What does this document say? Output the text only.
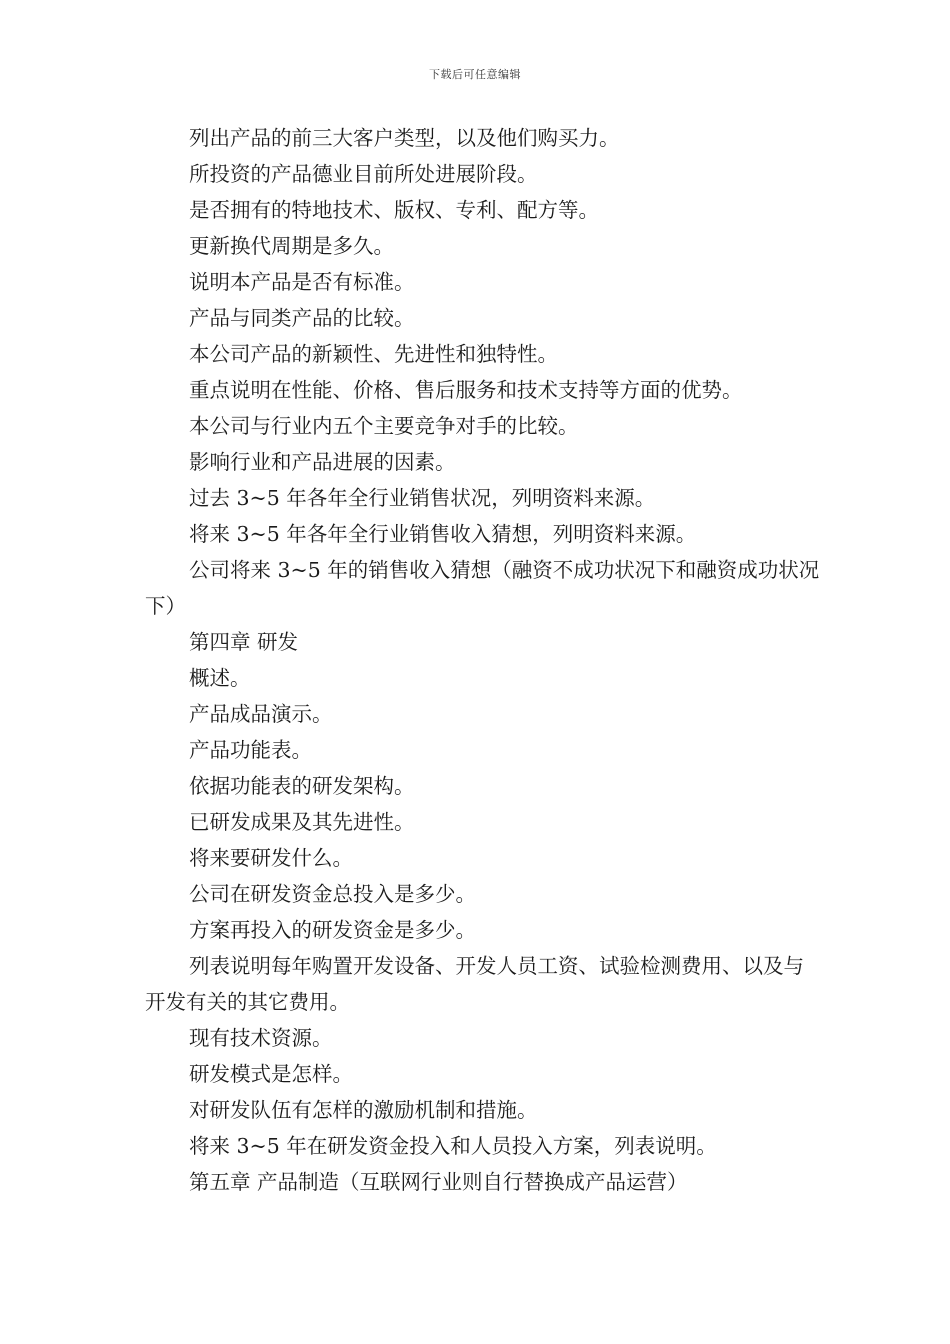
下载后可任意编辑

列出产品的前三大客户类型，以及他们购买力。

所投资的产品德业目前所处进展阶段。

是否拥有的特地技术、版权、专利、配方等。

更新换代周期是多久。

说明本产品是否有标准。

产品与同类产品的比较。

本公司产品的新颖性、先进性和独特性。

重点说明在性能、价格、售后服务和技术支持等方面的优势。

本公司与行业内五个主要竞争对手的比较。

影响行业和产品进展的因素。

过去 3~5 年各年全行业销售状况，列明资料来源。

将来 3~5 年各年全行业销售收入猜想，列明资料来源。

公司将来 3~5 年的销售收入猜想（融资不成功状况下和融资成功状况下）

第四章 研发

概述。

产品成品演示。

产品功能表。

依据功能表的研发架构。

已研发成果及其先进性。

将来要研发什么。

公司在研发资金总投入是多少。

方案再投入的研发资金是多少。

列表说明每年购置开发设备、开发人员工资、试验检测费用、以及与开发有关的其它费用。

现有技术资源。

研发模式是怎样。

对研发队伍有怎样的激励机制和措施。

将来 3~5 年在研发资金投入和人员投入方案，列表说明。

第五章 产品制造（互联网行业则自行替换成产品运营）
